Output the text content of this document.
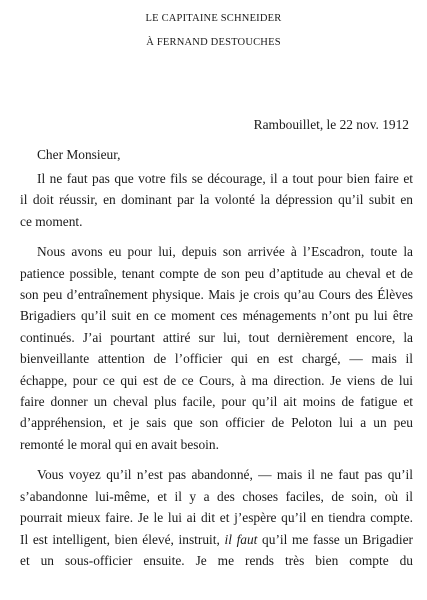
LE CAPITAINE SCHNEIDER
À FERNAND DESTOUCHES
Rambouillet, le 22 nov. 1912
Cher Monsieur,
Il ne faut pas que votre fils se décourage, il a tout pour bien faire et
il doit réussir, en dominant par la volonté la dépression qu’il subit en
ce moment.
Nous avons eu pour lui, depuis son arrivée à l’Escadron, toute la
patience possible, tenant compte de son peu d’aptitude au cheval et de
son peu d’entraînement physique. Mais je crois qu’au Cours des Élèves
Brigadiers qu’il suit en ce moment ces ménagements n’ont pu lui être
continués. J’ai pourtant attiré sur lui, tout dernièrement encore, la
bienveillante attention de l’officier qui en est chargé, — mais il
échappe, pour ce qui est de ce Cours, à ma direction. Je viens de lui
faire donner un cheval plus facile, pour qu’il ait moins de fatigue et
d’appréhension, et je sais que son officier de Peloton lui a un peu
remonté le moral qui en avait besoin.
Vous voyez qu’il n’est pas abandonné, — mais il ne faut pas qu’il
s’abandonne lui-même, et il y a des choses faciles, de soin, où il
pourrait mieux faire. Je le lui ai dit et j’espère qu’il en tiendra compte.
Il est intelligent, bien élevé, instruit, il faut qu’il me fasse un Brigadier
et un sous-officier ensuite. Je me rends très bien compte du
